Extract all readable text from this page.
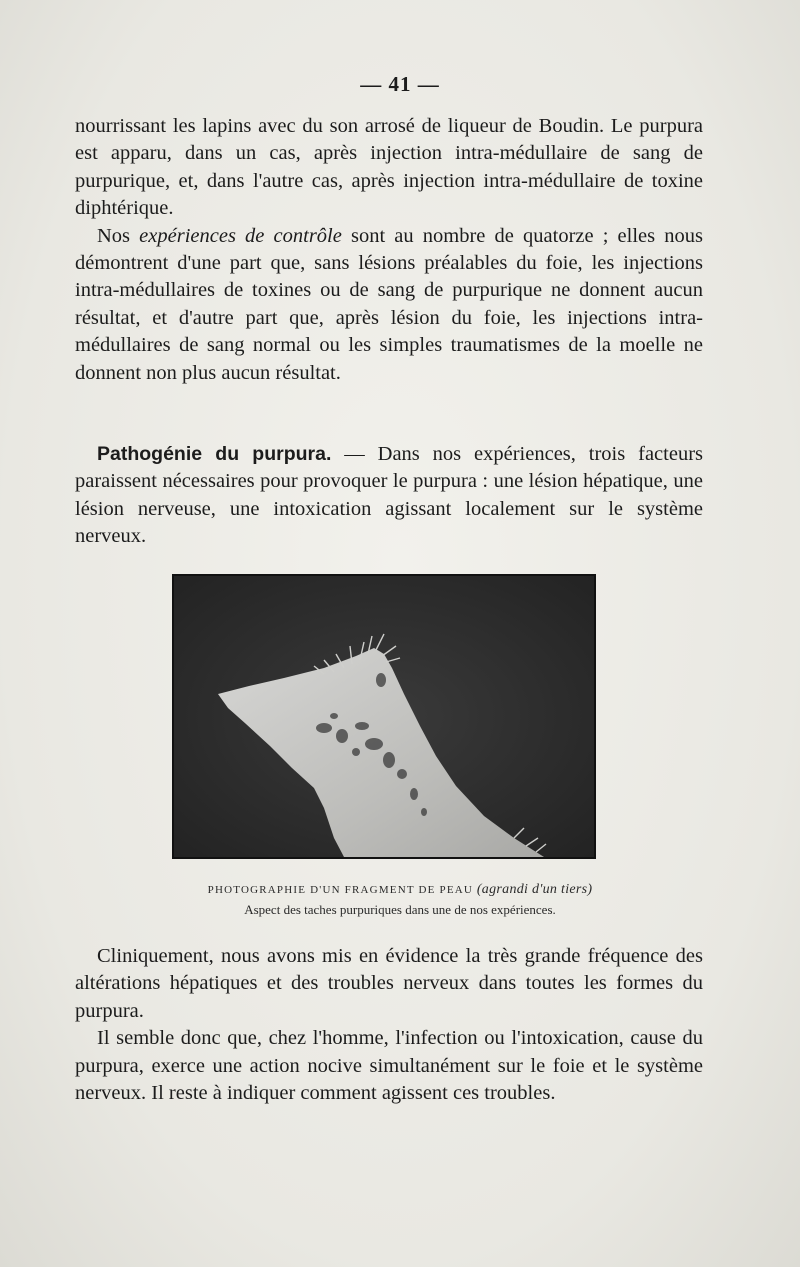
— 41 —

nourrissant les lapins avec du son arrosé de liqueur de Boudin. Le purpura est apparu, dans un cas, après injection intra-médullaire de sang de purpurique, et, dans l'autre cas, après injection intra-médullaire de toxine diphtérique.

Nos expériences de contrôle sont au nombre de quatorze ; elles nous démontrent d'une part que, sans lésions préalables du foie, les injections intra-médullaires de toxines ou de sang de purpurique ne donnent aucun résultat, et d'autre part que, après lésion du foie, les injections intra-médullaires de sang normal ou les simples traumatismes de la moelle ne donnent non plus aucun résultat.

Pathogénie du purpura. — Dans nos expériences, trois facteurs paraissent nécessaires pour provoquer le purpura : une lésion hépatique, une lésion nerveuse, une intoxication agissant localement sur le système nerveux.

PHOTOGRAPHIE D'UN FRAGMENT DE PEAU (agrandi d'un tiers)
Aspect des taches purpuriques dans une de nos expériences.

Cliniquement, nous avons mis en évidence la très grande fréquence des altérations hépatiques et des troubles nerveux dans toutes les formes du purpura.

Il semble donc que, chez l'homme, l'infection ou l'intoxication, cause du purpura, exerce une action nocive simultanément sur le foie et le système nerveux. Il reste à indiquer comment agissent ces troubles.
